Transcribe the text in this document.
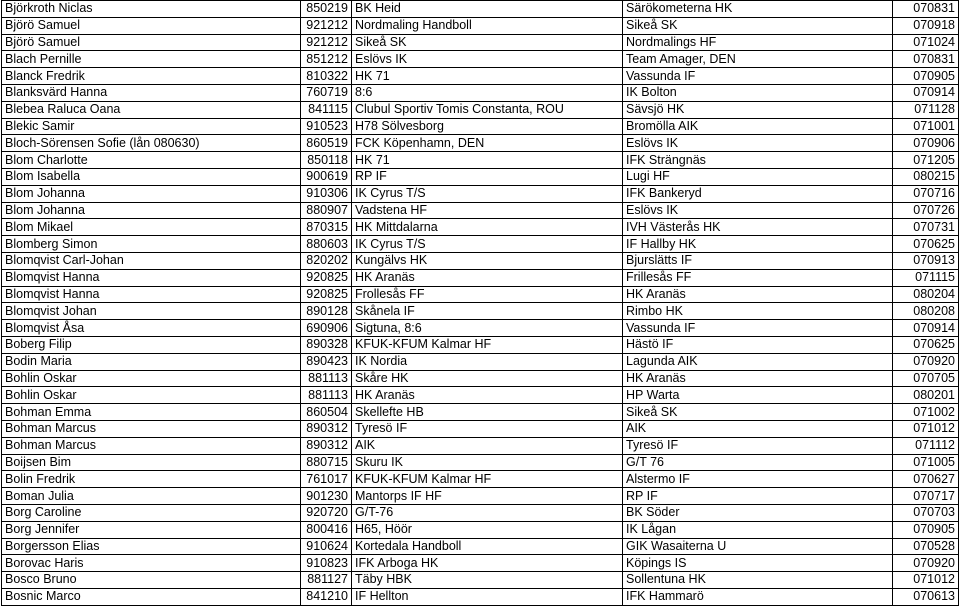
Björkroth Niclas	850219	BK Heid	Särökometerna HK	070831
Björö Samuel	921212	Nordmaling Handboll	Sikeå SK	070918
Björö Samuel	921212	Sikeå SK	Nordmalings HF	071024
Blach Pernille	851212	Eslövs IK	Team Amager, DEN	070831
Blanck Fredrik	810322	HK 71	Vassunda IF	070905
Blanksvärd Hanna	760719	8:6	IK Bolton	070914
Blebea Raluca Oana	841115	Clubul Sportiv Tomis Constanta, ROU	Sävsjö HK	071128
Blekic Samir	910523	H78 Sölvesborg	Bromölla AIK	071001
Bloch-Sörensen Sofie (lån 080630)	860519	FCK Köpenhamn, DEN	Eslövs IK	070906
Blom Charlotte	850118	HK 71	IFK Strängnäs	071205
Blom Isabella	900619	RP IF	Lugi HF	080215
Blom Johanna	910306	IK Cyrus T/S	IFK Bankeryd	070716
Blom Johanna	880907	Vadstena HF	Eslövs IK	070726
Blom Mikael	870315	HK Mittdalarna	IVH Västerås HK	070731
Blomberg Simon	880603	IK Cyrus T/S	IF Hallby HK	070625
Blomqvist Carl-Johan	820202	Kungälvs HK	Bjurslätts IF	070913
Blomqvist Hanna	920825	HK Aranäs	Frillesås FF	071115
Blomqvist Hanna	920825	Frollesås FF	HK Aranäs	080204
Blomqvist Johan	890128	Skånela IF	Rimbo HK	080208
Blomqvist Åsa	690906	Sigtuna, 8:6	Vassunda IF	070914
Boberg Filip	890328	KFUK-KFUM Kalmar HF	Hästö IF	070625
Bodin Maria	890423	IK Nordia	Lagunda AIK	070920
Bohlin Oskar	881113	Skåre HK	HK Aranäs	070705
Bohlin Oskar	881113	HK Aranäs	HP Warta	080201
Bohman Emma	860504	Skellefte HB	Sikeå SK	071002
Bohman Marcus	890312	Tyresö IF	AIK	071012
Bohman Marcus	890312	AIK	Tyresö IF	071112
Boijsen Bim	880715	Skuru IK	G/T 76	071005
Bolin Fredrik	761017	KFUK-KFUM Kalmar HF	Alstermo IF	070627
Boman Julia	901230	Mantorps IF HF	RP IF	070717
Borg Caroline	920720	G/T-76	BK Söder	070703
Borg Jennifer	800416	H65, Höör	IK Lågan	070905
Borgersson Elias	910624	Kortedala Handboll	GIK Wasaiterna U	070528
Borovac Haris	910823	IFK Arboga HK	Köpings IS	070920
Bosco Bruno	881127	Täby HBK	Sollentuna HK	071012
Bosnic Marco	841210	IF Hellton	IFK Hammarö	070613
